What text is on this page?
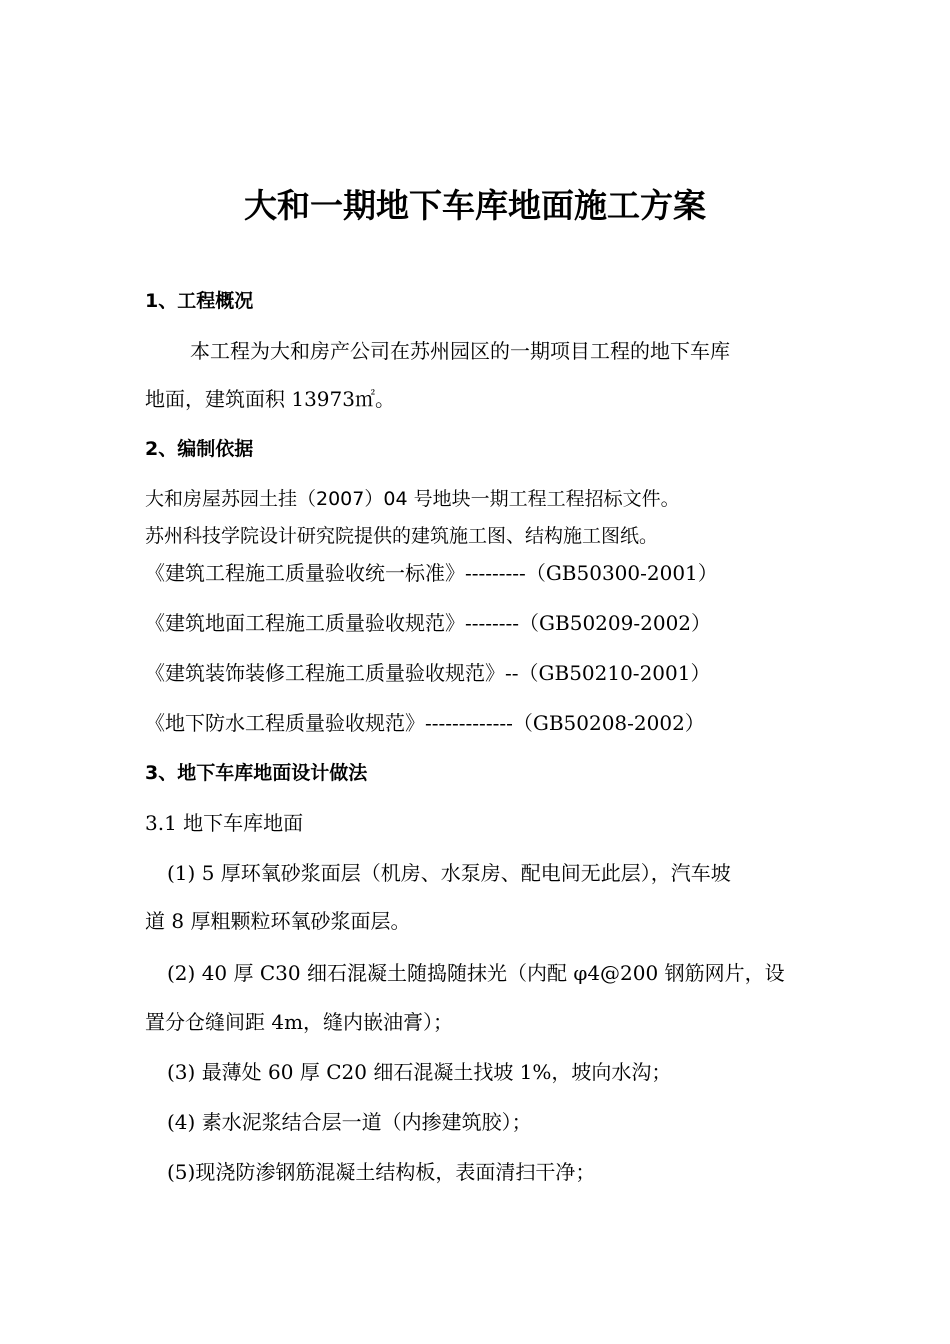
大和一期地下车库地面施工方案
1、工程概况
本工程为大和房产公司在苏州园区的一期项目工程的地下车库
地面，建筑面积 13973㎡。
2、编制依据
大和房屋苏园土挂（2007）04 号地块一期工程工程招标文件。
苏州科技学院设计研究院提供的建筑施工图、结构施工图纸。
《建筑工程施工质量验收统一标准》---------（GB50300-2001）
《建筑地面工程施工质量验收规范》--------（GB50209-2002）
《建筑装饰装修工程施工质量验收规范》--（GB50210-2001）
《地下防水工程质量验收规范》-------------（GB50208-2002）
3、地下车库地面设计做法
3.1 地下车库地面
(1) 5 厚环氧砂浆面层（机房、水泵房、配电间无此层），汽车坡
道 8 厚粗颗粒环氧砂浆面层。
(2) 40 厚 C30 细石混凝土随捣随抹光（内配 φ4@200 钢筋网片，设
置分仓缝间距 4m，缝内嵌油膏）；
(3) 最薄处 60 厚 C20 细石混凝土找坡 1%，坡向水沟；
(4) 素水泥浆结合层一道（内掺建筑胶）；
(5)现浇防渗钢筋混凝土结构板，表面清扫干净；
